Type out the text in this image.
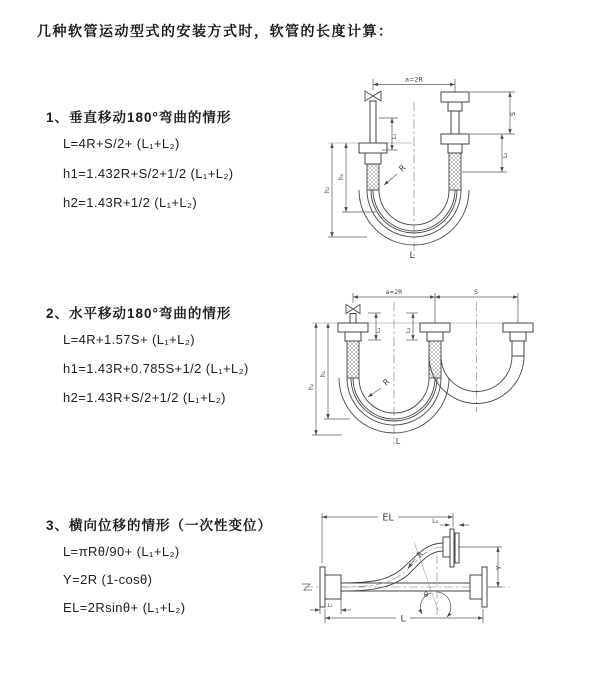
几种软管运动型式的安装方式时，软管的长度计算：
1、垂直移动180°弯曲的情形
L=4R+S/2+ (L₁+L₂)
h1=1.432R+S/2+1/2 (L₁+L₂)
h2=1.43R+1/2 (L₁+L₂)
2、水平移动180°弯曲的情形
L=4R+1.57S+ (L₁+L₂)
h1=1.43R+0.785S+1/2 (L₁+L₂)
h2=1.43R+S/2+1/2 (L₁+L₂)
3、横向位移的情形（一次性变位）
L=πRθ/90+ (L₁+L₂)
Y=2R (1-cosθ)
EL=2Rsinθ+ (L₁+L₂)
a=2R
h₁
h₂
L₁
S
L₂
R
L
a=2R	S
h₁
h₂
L₁	L₂
R
L
EL	L₂
Y
R
θ
L₁
L
